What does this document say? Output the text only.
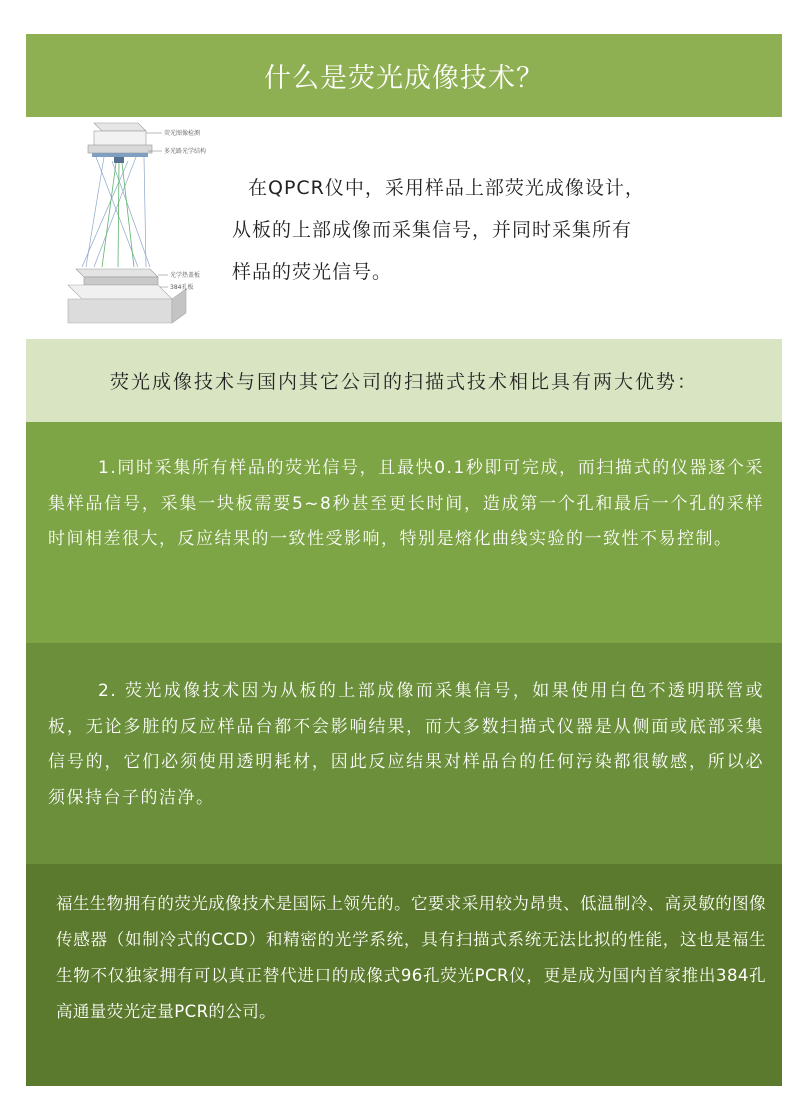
什么是荧光成像技术？
荧光图像检测
多光路光学结构
光学热盖板
384孔板

在QPCR仪中，采用样品上部荧光成像设计，

从板的上部成像而采集信号，并同时采集所有

样品的荧光信号。

荧光成像技术与国内其它公司的扫描式技术相比具有两大优势：
1.同时采集所有样品的荧光信号，且最快0.1秒即可完成，而扫描式的仪器逐个采集样品信号，采集一块板需要5~8秒甚至更长时间，造成第一个孔和最后一个孔的采样时间相差很大，反应结果的一致性受影响，特别是熔化曲线实验的一致性不易控制。
2. 荧光成像技术因为从板的上部成像而采集信号，如果使用白色不透明联管或板，无论多脏的反应样品台都不会影响结果，而大多数扫描式仪器是从侧面或底部采集信号的，它们必须使用透明耗材，因此反应结果对样品台的任何污染都很敏感，所以必须保持台子的洁净。
福生生物拥有的荧光成像技术是国际上领先的。它要求采用较为昂贵、低温制冷、高灵敏的图像传感器（如制冷式的CCD）和精密的光学系统，具有扫描式系统无法比拟的性能，这也是福生生物不仅独家拥有可以真正替代进口的成像式96孔荧光PCR仪，更是成为国内首家推出384孔高通量荧光定量PCR的公司。
